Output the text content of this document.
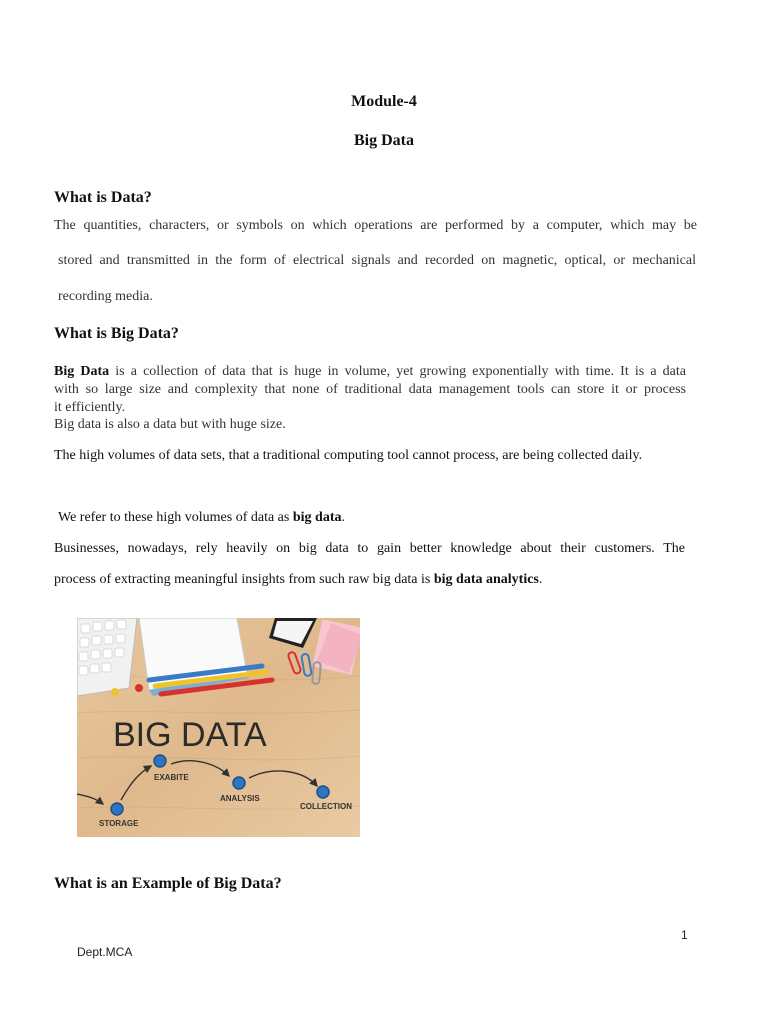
Module-4
Big Data
What is Data?
The quantities, characters, or symbols on which operations are performed by a computer, which may be
stored and transmitted in the form of electrical signals and recorded on magnetic, optical, or mechanical
recording media.
What is Big Data?
Big Data is a collection of data that is huge in volume, yet growing exponentially with time. It is a data
with so large size and complexity that none of traditional data management tools can store it or process
it efficiently.
Big data is also a data but with huge size.
The high volumes of data sets, that a traditional computing tool cannot process, are being collected daily.
We refer to these high volumes of data as big data.
Businesses, nowadays, rely heavily on big data to gain better knowledge about their customers. The
process of extracting meaningful insights from such raw big data is big data analytics.
BIG DATA
STORAGE
EXABITE
ANALYSIS
COLLECTION
What is an Example of Big Data?
1
Dept.MCA
